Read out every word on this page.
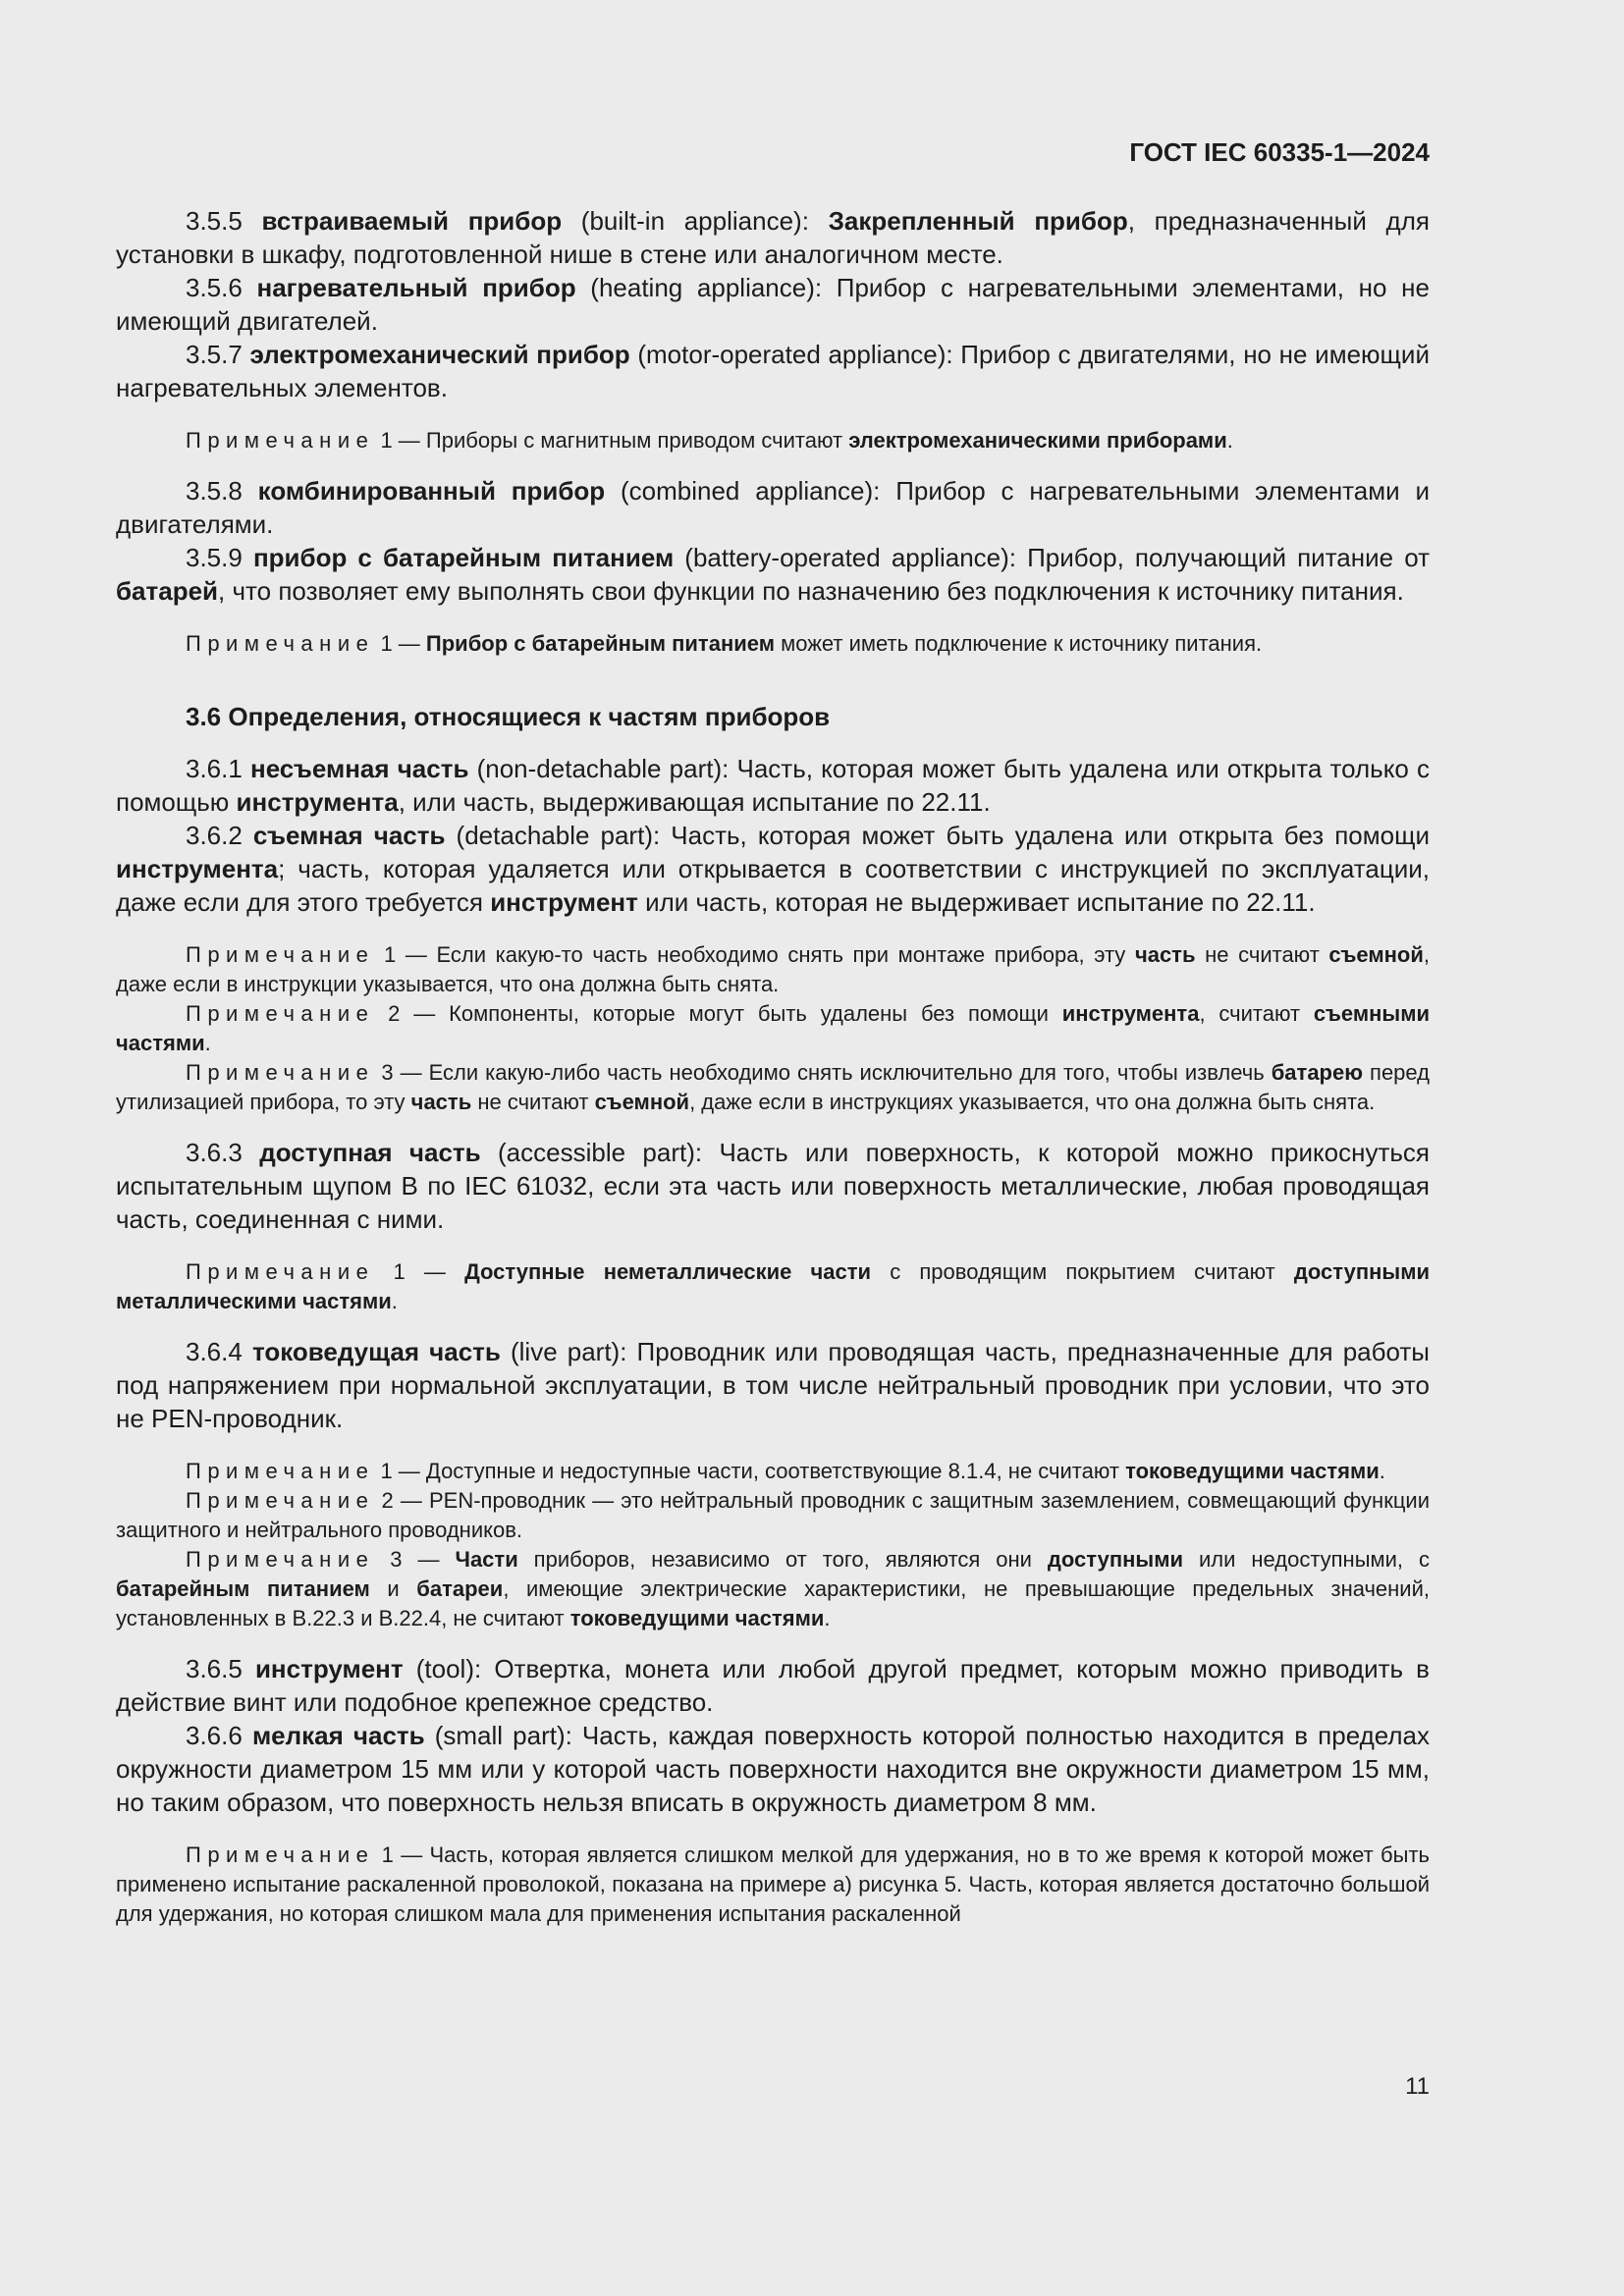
ГОСТ IEC 60335-1—2024

3.5.5 встраиваемый прибор (built-in appliance): Закрепленный прибор, предназначенный для установки в шкафу, подготовленной нише в стене или аналогичном месте.

3.5.6 нагревательный прибор (heating appliance): Прибор с нагревательными элементами, но не имеющий двигателей.

3.5.7 электромеханический прибор (motor-operated appliance): Прибор с двигателями, но не имеющий нагревательных элементов.

Примечание 1 — Приборы с магнитным приводом считают электромеханическими приборами.

3.5.8 комбинированный прибор (combined appliance): Прибор с нагревательными элементами и двигателями.

3.5.9 прибор с батарейным питанием (battery-operated appliance): Прибор, получающий питание от батарей, что позволяет ему выполнять свои функции по назначению без подключения к источнику питания.

Примечание 1 — Прибор с батарейным питанием может иметь подключение к источнику питания.

3.6 Определения, относящиеся к частям приборов

3.6.1 несъемная часть (non-detachable part): Часть, которая может быть удалена или открыта только с помощью инструмента, или часть, выдерживающая испытание по 22.11.

3.6.2 съемная часть (detachable part): Часть, которая может быть удалена или открыта без помощи инструмента; часть, которая удаляется или открывается в соответствии с инструкцией по эксплуатации, даже если для этого требуется инструмент или часть, которая не выдерживает испытание по 22.11.

Примечание 1 — Если какую-то часть необходимо снять при монтаже прибора, эту часть не считают съемной, даже если в инструкции указывается, что она должна быть снята.

Примечание 2 — Компоненты, которые могут быть удалены без помощи инструмента, считают съемными частями.

Примечание 3 — Если какую-либо часть необходимо снять исключительно для того, чтобы извлечь батарею перед утилизацией прибора, то эту часть не считают съемной, даже если в инструкциях указывается, что она должна быть снята.

3.6.3 доступная часть (accessible part): Часть или поверхность, к которой можно прикоснуться испытательным щупом B по IEC 61032, если эта часть или поверхность металлические, любая проводящая часть, соединенная с ними.

Примечание 1 — Доступные неметаллические части с проводящим покрытием считают доступными металлическими частями.

3.6.4 токоведущая часть (live part): Проводник или проводящая часть, предназначенные для работы под напряжением при нормальной эксплуатации, в том числе нейтральный проводник при условии, что это не PEN-проводник.

Примечание 1 — Доступные и недоступные части, соответствующие 8.1.4, не считают токоведущими частями.

Примечание 2 — PEN-проводник — это нейтральный проводник с защитным заземлением, совмещающий функции защитного и нейтрального проводников.

Примечание 3 — Части приборов, независимо от того, являются они доступными или недоступными, с батарейным питанием и батареи, имеющие электрические характеристики, не превышающие предельных значений, установленных в B.22.3 и B.22.4, не считают токоведущими частями.

3.6.5 инструмент (tool): Отвертка, монета или любой другой предмет, которым можно приводить в действие винт или подобное крепежное средство.

3.6.6 мелкая часть (small part): Часть, каждая поверхность которой полностью находится в пределах окружности диаметром 15 мм или у которой часть поверхности находится вне окружности диаметром 15 мм, но таким образом, что поверхность нельзя вписать в окружность диаметром 8 мм.

Примечание 1 — Часть, которая является слишком мелкой для удержания, но в то же время к которой может быть применено испытание раскаленной проволокой, показана на примере a) рисунка 5. Часть, которая является достаточно большой для удержания, но которая слишком мала для применения испытания раскаленной

11
